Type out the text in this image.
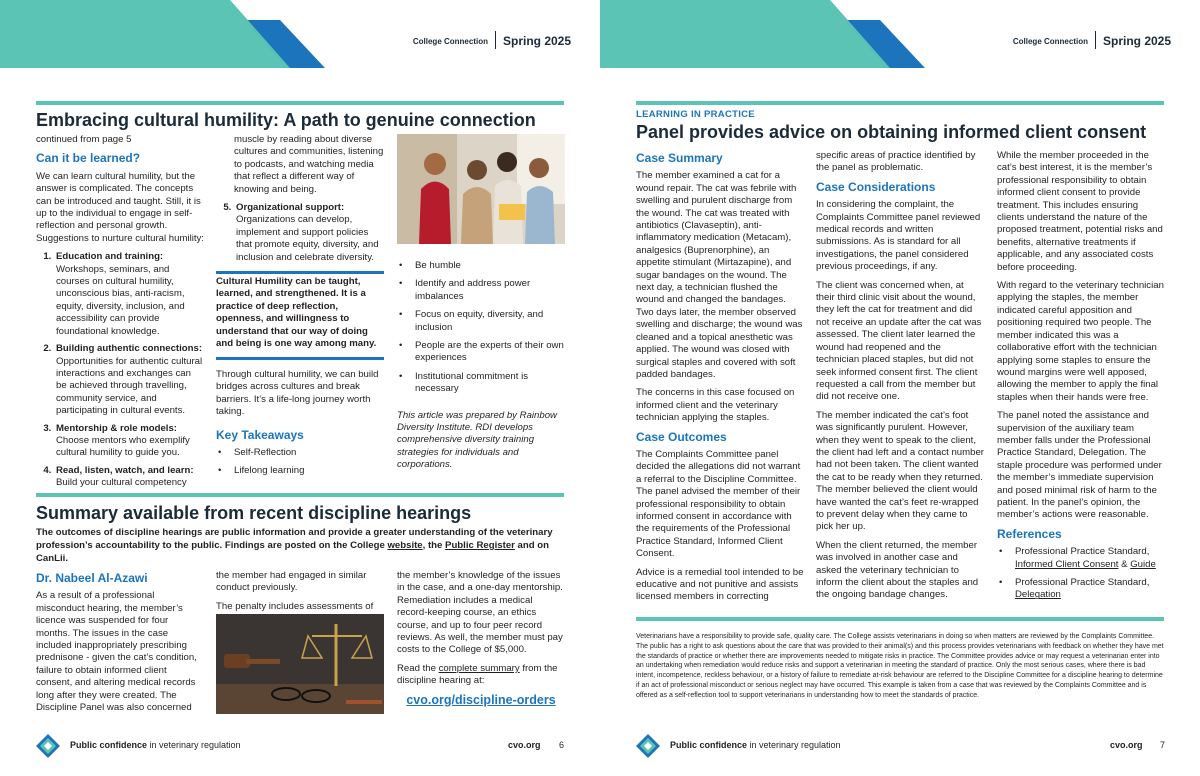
College Connection Spring 2025
Embracing cultural humility: A path to genuine connection

continued from page 5

Can it be learned?

We can learn cultural humility, but the answer is complicated. The concepts can be introduced and taught. Still, it is up to the individual to engage in self-reflection and personal growth. Suggestions to nurture cultural humility:

1. Education and training:
Workshops, seminars, and courses on cultural humility, unconscious bias, anti-racism, equity, diversity, inclusion, and accessibility can provide foundational knowledge.
2. Building authentic connections:
Opportunities for authentic cultural interactions and exchanges can be achieved through travelling, community service, and participating in cultural events.
3. Mentorship & role models:
Choose mentors who exemplify cultural humility to guide you.
4. Read, listen, watch, and learn:
Build your cultural competency

muscle by reading about diverse cultures and communities, listening to podcasts, and watching media that reflect a different way of knowing and being.

5. Organizational support:
Organizations can develop, implement and support policies that promote equity, diversity, and inclusion and celebrate diversity.
Cultural Humility can be taught, learned, and strengthened. It is a practice of deep reflection, openness, and willingness to understand that our way of doing and being is one way among many.

Through cultural humility, we can build bridges across cultures and break barriers. It’s a life-long journey worth taking.

Key Takeaways
• Self-Reflection
• Lifelong learning
• Be humble
• Identify and address power imbalances
• Focus on equity, diversity, and inclusion
• People are the experts of their own experiences
• Institutional commitment is necessary

This article was prepared by Rainbow Diversity Institute. RDI develops comprehensive diversity training strategies for individuals and corporations.

Summary available from recent discipline hearings
The outcomes of discipline hearings are public information and provide a greater understanding of the veterinary profession’s accountability to the public. Findings are posted on the College website, the Public Register and on CanLii.
Dr. Nabeel Al-Azawi

As a result of a professional misconduct hearing, the member’s licence was suspended for four months. The issues in the case included inappropriately prescribing prednisone - given the cat’s condition, failure to obtain informed client consent, and altering medical records long after they were created. The Discipline Panel was also concerned

the member had engaged in similar conduct previously.

The penalty includes assessments of

the member’s knowledge of the issues in the case, and a one-day mentorship. Remediation includes a medical record-keeping course, an ethics course, and up to four peer record reviews. As well, the member must pay costs to the College of $5,000.

Read the complete summary from the discipline hearing at:

cvo.org/discipline-orders
Public confidence in veterinary regulation	cvo.org 6
College Connection Spring 2025
LEARNING IN PRACTICE
Panel provides advice on obtaining informed client consent
Case Summary

The member examined a cat for a wound repair. The cat was febrile with swelling and purulent discharge from the wound. The cat was treated with antibiotics (Clavaseptin), anti-inflammatory medication (Metacam), analgesics (Buprenorphine), an appetite stimulant (Mirtazapine), and sugar bandages on the wound. The next day, a technician flushed the wound and changed the bandages. Two days later, the member observed swelling and discharge; the wound was cleaned and a topical anesthetic was applied. The wound was closed with surgical staples and covered with soft padded bandages.

The concerns in this case focused on informed client and the veterinary technician applying the staples.

Case Outcomes

The Complaints Committee panel decided the allegations did not warrant a referral to the Discipline Committee. The panel advised the member of their professional responsibility to obtain informed consent in accordance with the requirements of the Professional Practice Standard, Informed Client Consent.

Advice is a remedial tool intended to be educative and not punitive and assists licensed members in correcting

specific areas of practice identified by the panel as problematic.

Case Considerations

In considering the complaint, the Complaints Committee panel reviewed medical records and written submissions. As is standard for all investigations, the panel considered previous proceedings, if any.

The client was concerned when, at their third clinic visit about the wound, they left the cat for treatment and did not receive an update after the cat was assessed. The client later learned the wound had reopened and the technician placed staples, but did not seek informed consent first. The client requested a call from the member but did not receive one.

The member indicated the cat’s foot was significantly purulent. However, when they went to speak to the client, the client had left and a contact number had not been taken. The client wanted the cat to be ready when they returned. The member believed the client would have wanted the cat’s feet re-wrapped to prevent delay when they came to pick her up.

When the client returned, the member was involved in another case and asked the veterinary technician to inform the client about the staples and the ongoing bandage changes.

While the member proceeded in the cat’s best interest, it is the member’s professional responsibility to obtain informed client consent to provide treatment. This includes ensuring clients understand the nature of the proposed treatment, potential risks and benefits, alternative treatments if applicable, and any associated costs before proceeding.

With regard to the veterinary technician applying the staples, the member indicated careful apposition and positioning required two people. The member indicated this was a collaborative effort with the technician applying some staples to ensure the wound margins were well apposed, allowing the member to apply the final staples when their hands were free.

The panel noted the assistance and supervision of the auxiliary team member falls under the Professional Practice Standard, Delegation. The staple procedure was performed under the member’s immediate supervision and posed minimal risk of harm to the patient. In the panel’s opinion, the member’s actions were reasonable.

References
• Professional Practice Standard, Informed Client Consent & Guide
• Professional Practice Standard, Delegation
Veterinarians have a responsibility to provide safe, quality care. The College assists veterinarians in doing so when matters are reviewed by the Complaints Committee. The public has a right to ask questions about the care that was provided to their animal(s) and this process provides veterinarians with feedback on whether they have met the standards of practice or whether there are improvements needed to mitigate risks in practice. The Committee provides advice or may request a veterinarian enter into an undertaking when remediation would reduce risks and support a veterinarian in meeting the standard of practice. Only the most serious cases, where there is bad intent, incompetence, reckless behaviour, or a history of failure to remediate at-risk behaviour are referred to the Discipline Committee for a discipline hearing to determine if an act of professional misconduct or serious neglect may have occurred. This example is taken from a case that was reviewed by the Complaints Committee and is offered as a self-reflection tool to support veterinarians in understanding how to meet the standards of practice.
Public confidence in veterinary regulation	cvo.org 7
